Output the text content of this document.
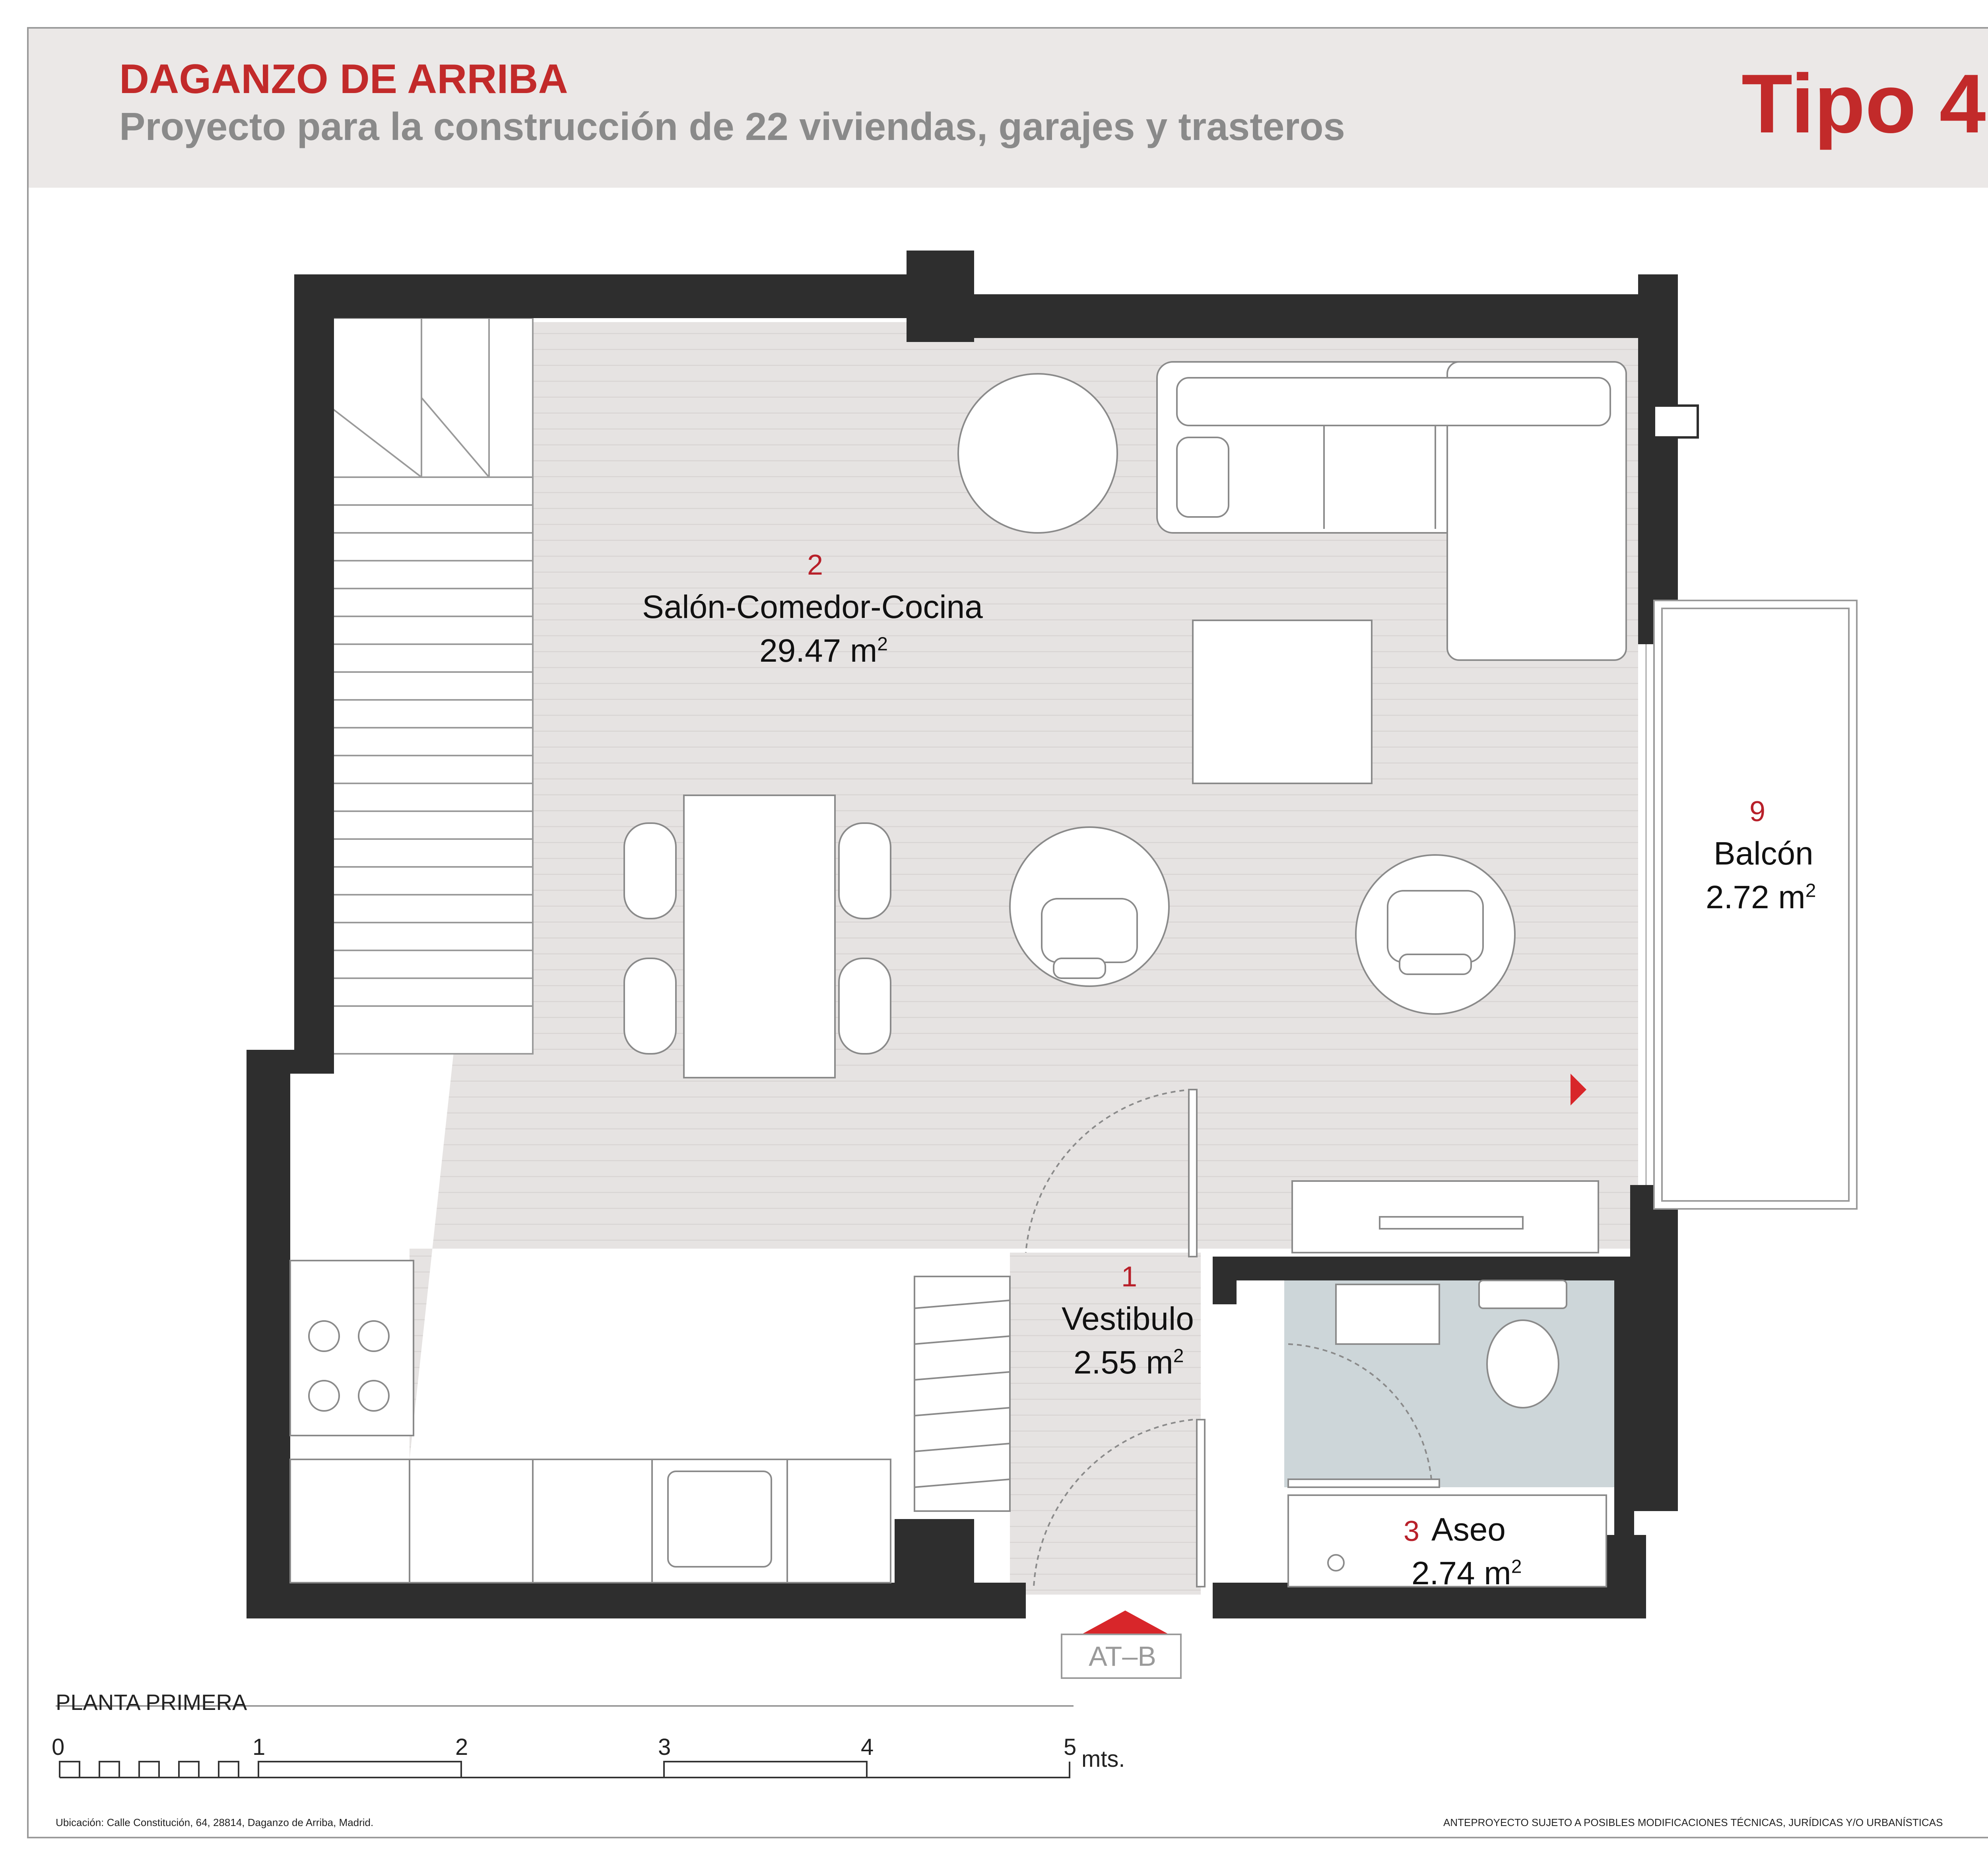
DAGANZO DE ARRIBA
Proyecto para la construcción de 22 viviendas, garajes y trasteros	Tipo 4
2
Salón-Comedor-Cocina
29.47 $m^2$
9
Balcón
2.72 $m^2$
1
Vestibulo
2.55 $m^2$
3 Aseo
2.74 $m^2$
AT–B
PLANTA PRIMERA
0	1	2	3	4	5 mts.
Ubicación: Calle Constitución, 64, 28814, Daganzo de Arriba, Madrid.	ANTEPROYECTO SUJETO A POSIBLES MODIFICACIONES TÉCNICAS, JURÍDICAS Y/O URBANÍSTICAS
